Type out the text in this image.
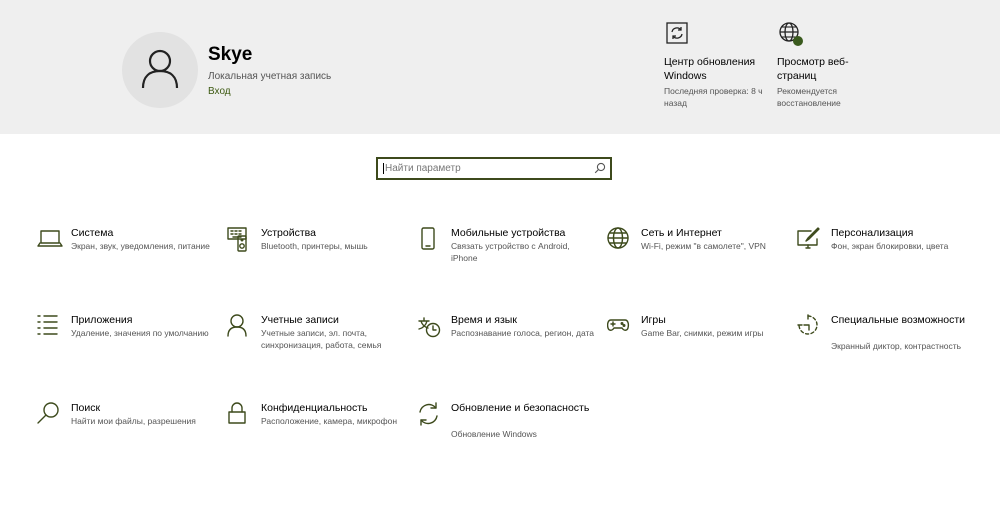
Skye
Локальная учетная запись
Вход
Центр обновления Windows
Последняя проверка: 8 ч назад
Просмотр веб-страниц
Рекомендуется восстановление
Найти параметр
Система
Экран, звук, уведомления, питание
Устройства
Bluetooth, принтеры, мышь
Мобильные устройства
Связать устройство с Android, iPhone
Сеть и Интернет
Wi-Fi, режим "в самолете", VPN
Персонализация
Фон, экран блокировки, цвета
Приложения
Удаление, значения по умолчанию
Учетные записи
Учетные записи, эл. почта, синхронизация, работа, семья
Время и язык
Распознавание голоса, регион, дата
Игры
Game Bar, снимки, режим игры
Специальные возможности
Экранный диктор, контрастность
Поиск
Найти мои файлы, разрешения
Конфиденциальность
Расположение, камера, микрофон
Обновление и безопасность
Обновление Windows
